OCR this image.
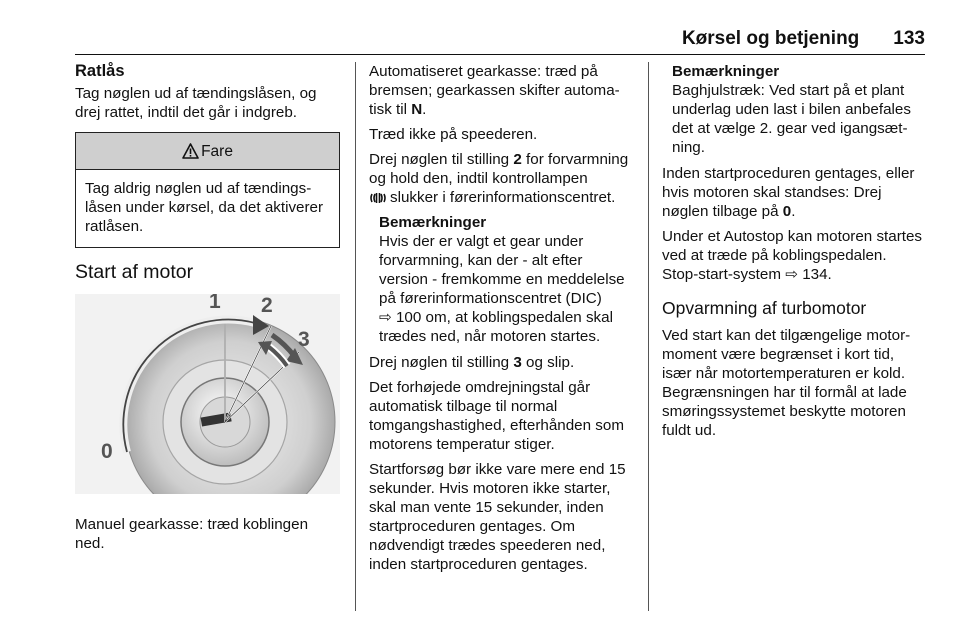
Kørsel og betjening 133
Ratlås

Tag nøglen ud af tændingslåsen, og drej rattet, indtil det går i indgreb.

Fare
Tag aldrig nøglen ud af tændingslåsen under kørsel, da det aktiverer ratlåsen.
Start af motor
0
1 2
3

Manuel gearkasse: træd koblingen ned.

Automatiseret gearkasse: træd på bremsen; gearkassen skifter automatisk til N.

Træd ikke på speederen.

Drej nøglen til stilling 2 for forvarmning og hold den, indtil kontrollampen
slukker i førerinformationscentret.

Bemærkninger
Hvis der er valgt et gear under forvarmning, kan der - alt efter version - fremkomme en meddelelse på førerinformationscentret (DIC)
⇨ 100 om, at koblingspedalen skal trædes ned, når motoren startes.

Drej nøglen til stilling 3 og slip.

Det forhøjede omdrejningstal går automatisk tilbage til normal tomgangshastighed, efterhånden som motorens temperatur stiger.

Startforsøg bør ikke vare mere end 15 sekunder. Hvis motoren ikke starter, skal man vente 15 sekunder, inden startproceduren gentages. Om nødvendigt trædes speederen ned, inden startproceduren gentages.

Bemærkninger
Baghjulstræk: Ved start på et plant underlag uden last i bilen anbefales det at vælge 2. gear ved igangsætning.

Inden startproceduren gentages, eller hvis motoren skal standses: Drej nøglen tilbage på 0.

Under et Autostop kan motoren startes ved at træde på koblingspedalen. Stop-start-system ⇨ 134.

Opvarmning af turbomotor

Ved start kan det tilgængelige motormoment være begrænset i kort tid, især når motortemperaturen er kold. Begrænsningen har til formål at lade smøringssystemet beskytte motoren fuldt ud.
